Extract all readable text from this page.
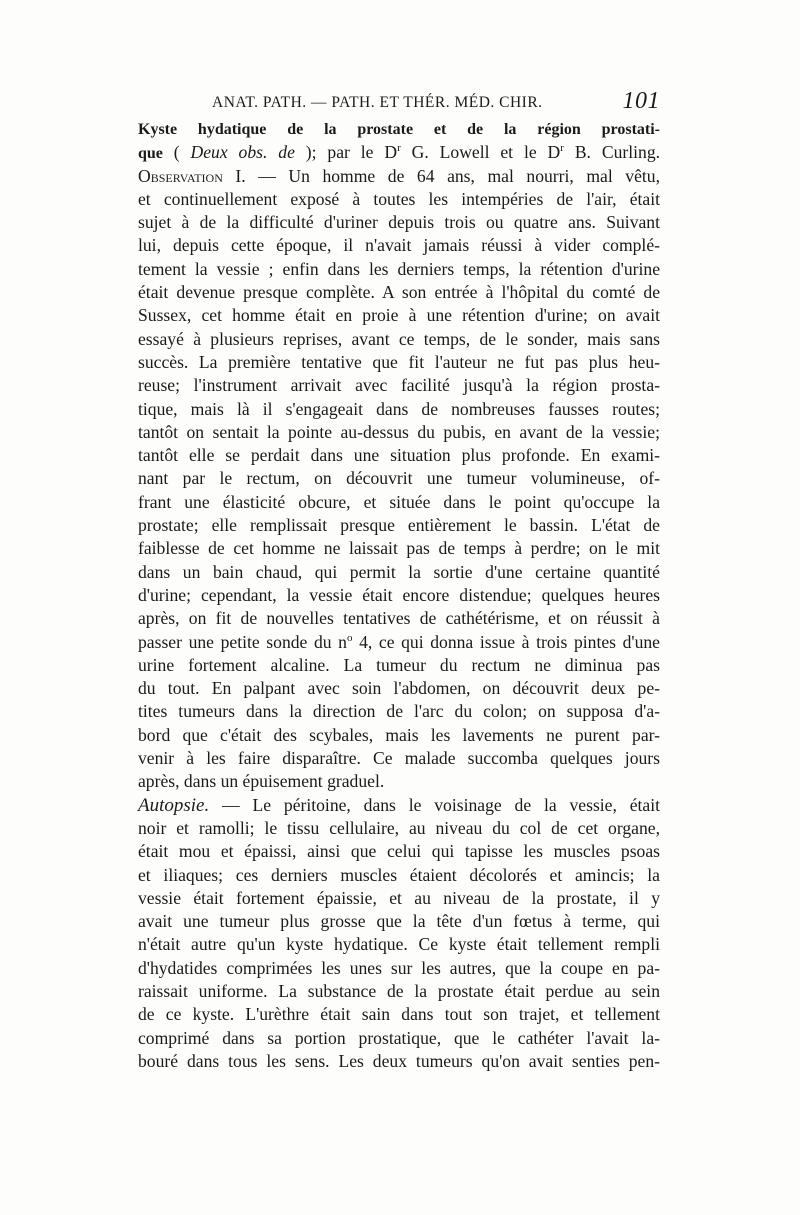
ANAT. PATH. — PATH. ET THÉR. MÉD. CHIR.	101
Kyste hydatique de la prostate et de la région prostati-
que ( Deux obs. de ); par le $D^r$ G. Lowell et le $D^r$ B. Curling.
Observation I. — Un homme de 64 ans, mal nourri, mal vêtu,
et continuellement exposé à toutes les intempéries de l'air, était
sujet à de la difficulté d'uriner depuis trois ou quatre ans. Suivant
lui, depuis cette époque, il n'avait jamais réussi à vider complé-
tement la vessie ; enfin dans les derniers temps, la rétention d'urine
était devenue presque complète. A son entrée à l'hôpital du comté de
Sussex, cet homme était en proie à une rétention d'urine; on avait
essayé à plusieurs reprises, avant ce temps, de le sonder, mais sans
succès. La première tentative que fit l'auteur ne fut pas plus heu-
reuse; l'instrument arrivait avec facilité jusqu'à la région prosta-
tique, mais là il s'engageait dans de nombreuses fausses routes;
tantôt on sentait la pointe au-dessus du pubis, en avant de la vessie;
tantôt elle se perdait dans une situation plus profonde. En exami-
nant par le rectum, on découvrit une tumeur volumineuse, of-
frant une élasticité obcure, et située dans le point qu'occupe la
prostate; elle remplissait presque entièrement le bassin. L'état de
faiblesse de cet homme ne laissait pas de temps à perdre; on le mit
dans un bain chaud, qui permit la sortie d'une certaine quantité
d'urine; cependant, la vessie était encore distendue; quelques heures
après, on fit de nouvelles tentatives de cathétérisme, et on réussit à
passer une petite sonde du $n^o$ 4, ce qui donna issue à trois pintes d'une
urine fortement alcaline. La tumeur du rectum ne diminua pas
du tout. En palpant avec soin l'abdomen, on découvrit deux pe-
tites tumeurs dans la direction de l'arc du colon; on supposa d'a-
bord que c'était des scybales, mais les lavements ne purent par-
venir à les faire disparaître. Ce malade succomba quelques jours
après, dans un épuisement graduel.
Autopsie. — Le péritoine, dans le voisinage de la vessie, était
noir et ramolli; le tissu cellulaire, au niveau du col de cet organe,
était mou et épaissi, ainsi que celui qui tapisse les muscles psoas
et iliaques; ces derniers muscles étaient décolorés et amincis; la
vessie était fortement épaissie, et au niveau de la prostate, il y
avait une tumeur plus grosse que la tête d'un fœtus à terme, qui
n'était autre qu'un kyste hydatique. Ce kyste était tellement rempli
d'hydatides comprimées les unes sur les autres, que la coupe en pa-
raissait uniforme. La substance de la prostate était perdue au sein
de ce kyste. L'urèthre était sain dans tout son trajet, et tellement
comprimé dans sa portion prostatique, que le cathéter l'avait la-
bouré dans tous les sens. Les deux tumeurs qu'on avait senties pen-
